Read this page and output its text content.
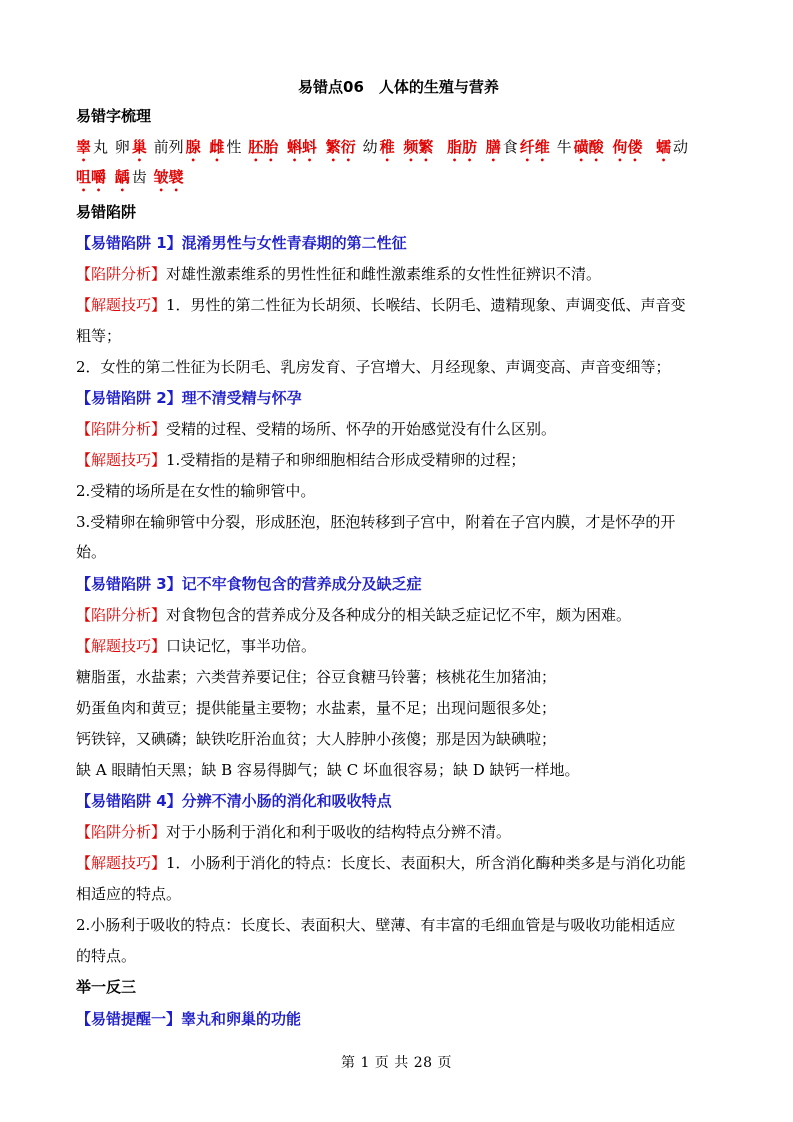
易错点06　人体的生殖与营养
易错字梳理
睾 丸 卵 巢 前列 腺 雌 性 胚胎 蝌蚪 繁衍 幼 稚 频繁 脂肪 膳 食 纤维 牛 磺酸 佝偻 蠕 动
咀嚼 龋 齿 皱襞
易错陷阱
【易错陷阱 1】混淆男性与女性青春期的第二性征
【陷阱分析】对雄性激素维系的男性性征和雌性激素维系的女性性征辨识不清。
【解题技巧】1．男性的第二性征为长胡须、长喉结、长阴毛、遗精现象、声调变低、声音变
粗等；
2．女性的第二性征为长阴毛、乳房发育、子宫增大、月经现象、声调变高、声音变细等；
【易错陷阱 2】理不清受精与怀孕
【陷阱分析】受精的过程、受精的场所、怀孕的开始感觉没有什么区别。
【解题技巧】1.受精指的是精子和卵细胞相结合形成受精卵的过程；
2.受精的场所是在女性的输卵管中。
3.受精卵在输卵管中分裂，形成胚泡，胚泡转移到子宫中，附着在子宫内膜，才是怀孕的开
始。
【易错陷阱 3】记不牢食物包含的营养成分及缺乏症
【陷阱分析】对食物包含的营养成分及各种成分的相关缺乏症记忆不牢，颇为困难。
【解题技巧】口诀记忆，事半功倍。
糖脂蛋，水盐素；六类营养要记住；谷豆食糖马铃薯；核桃花生加猪油；
奶蛋鱼肉和黄豆；提供能量主要物；水盐素，量不足；出现问题很多处；
钙铁锌，又碘磷；缺铁吃肝治血贫；大人脖肿小孩傻；那是因为缺碘啦；
缺 A 眼睛怕天黑；缺 B 容易得脚气；缺 C 坏血很容易；缺 D 缺钙一样地。
【易错陷阱 4】分辨不清小肠的消化和吸收特点
【陷阱分析】对于小肠利于消化和利于吸收的结构特点分辨不清。
【解题技巧】1．小肠利于消化的特点：长度长、表面积大，所含消化酶种类多是与消化功能
相适应的特点。
2.小肠利于吸收的特点：长度长、表面积大、壁薄、有丰富的毛细血管是与吸收功能相适应
的特点。
举一反三
【易错提醒一】睾丸和卵巢的功能
第 1 页 共 28 页
